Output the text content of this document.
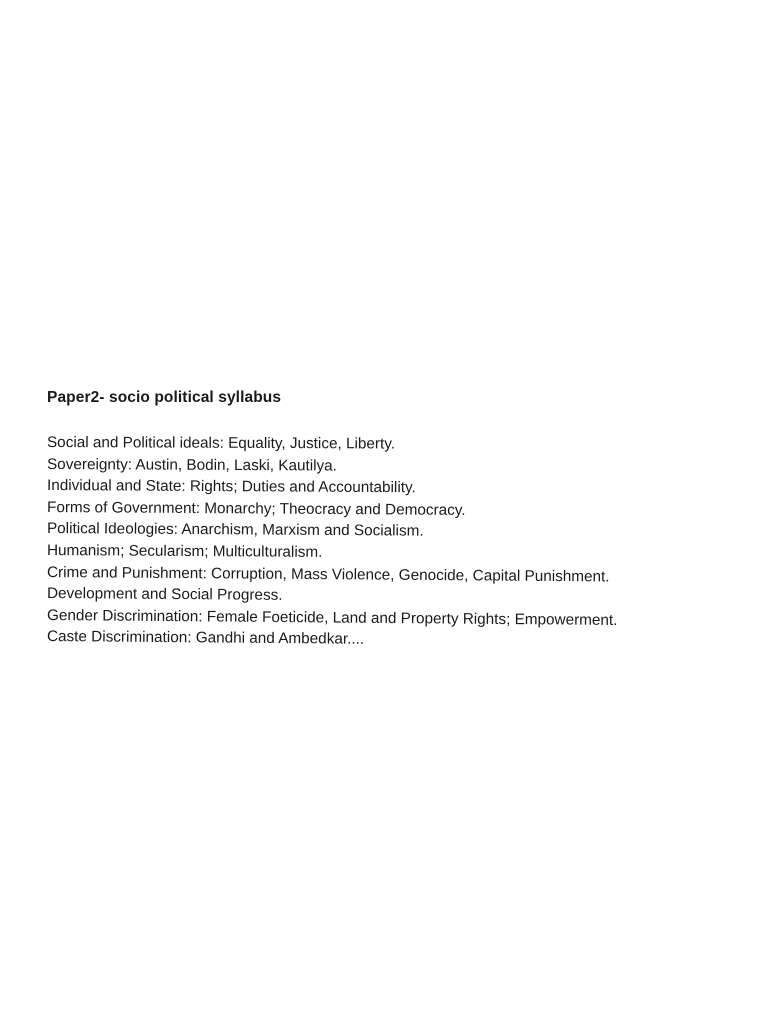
Paper2- socio political syllabus
Social and Political ideals: Equality, Justice, Liberty.
Sovereignty: Austin, Bodin, Laski, Kautilya.
Individual and State: Rights; Duties and Accountability.
Forms of Government: Monarchy; Theocracy and Democracy.
Political Ideologies: Anarchism, Marxism and Socialism.
Humanism; Secularism; Multiculturalism.
Crime and Punishment: Corruption, Mass Violence, Genocide, Capital Punishment.
Development and Social Progress.
Gender Discrimination: Female Foeticide, Land and Property Rights; Empowerment.
Caste Discrimination: Gandhi and Ambedkar....
